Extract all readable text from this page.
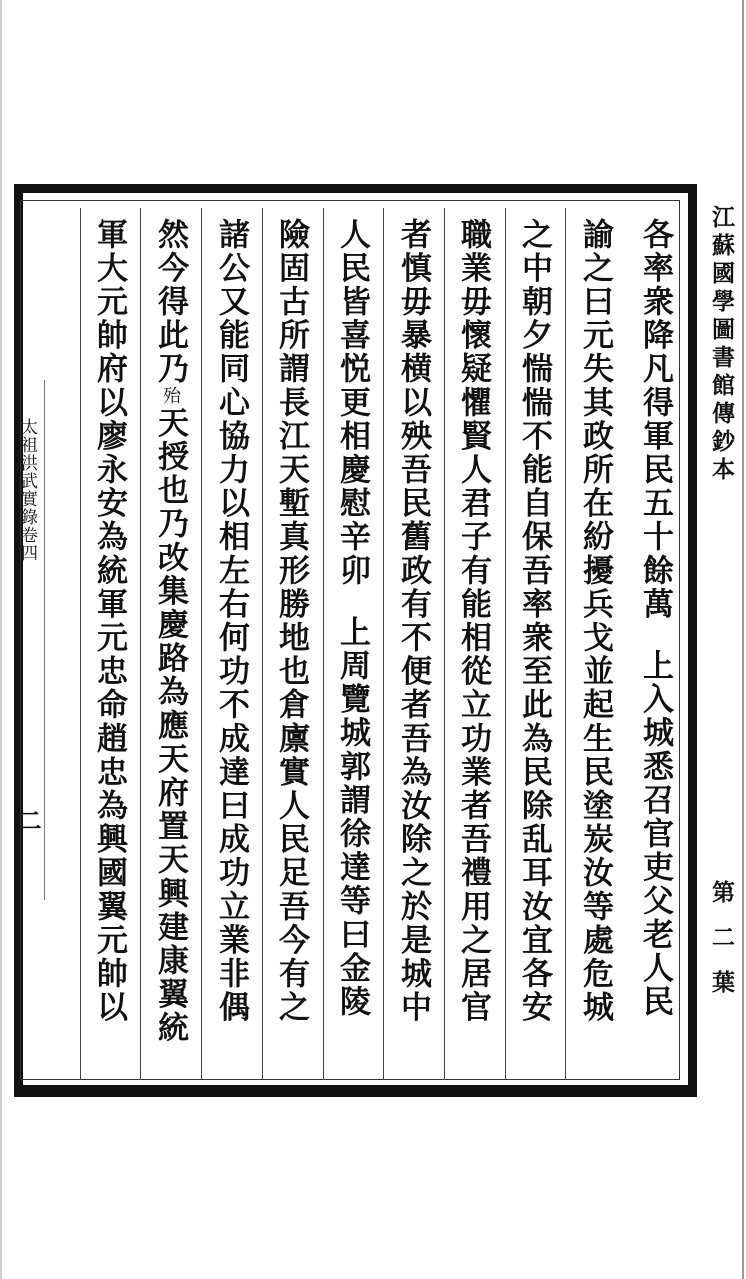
太祖洪武實錄卷四
二
各率衆降凡得軍民五十餘萬上入城悉召官吏父老人民
諭之曰元失其政所在紛擾兵戈並起生民塗炭汝等處危城
之中朝夕惴惴不能自保吾率衆至此為民除乱耳汝宜各安
職業毋懷疑懼賢人君子有能相從立功業者吾禮用之居官
者慎毋暴横以殃吾民舊政有不便者吾為汝除之於是城中
人民皆喜悦更相慶慰辛卯上周覽城郭謂徐達等曰金陵
險固古所謂長江天塹真形勝地也倉廪實人民足吾今有之
諸公又能同心協力以相左右何功不成達曰成功立業非偶
然今得此乃殆天授也乃改集慶路為應天府置天興建康翼統
軍大元帥府以廖永安為統軍元忠命趙忠為興國翼元帥以	江蘇國學圖書館傳鈔本
第二葉
